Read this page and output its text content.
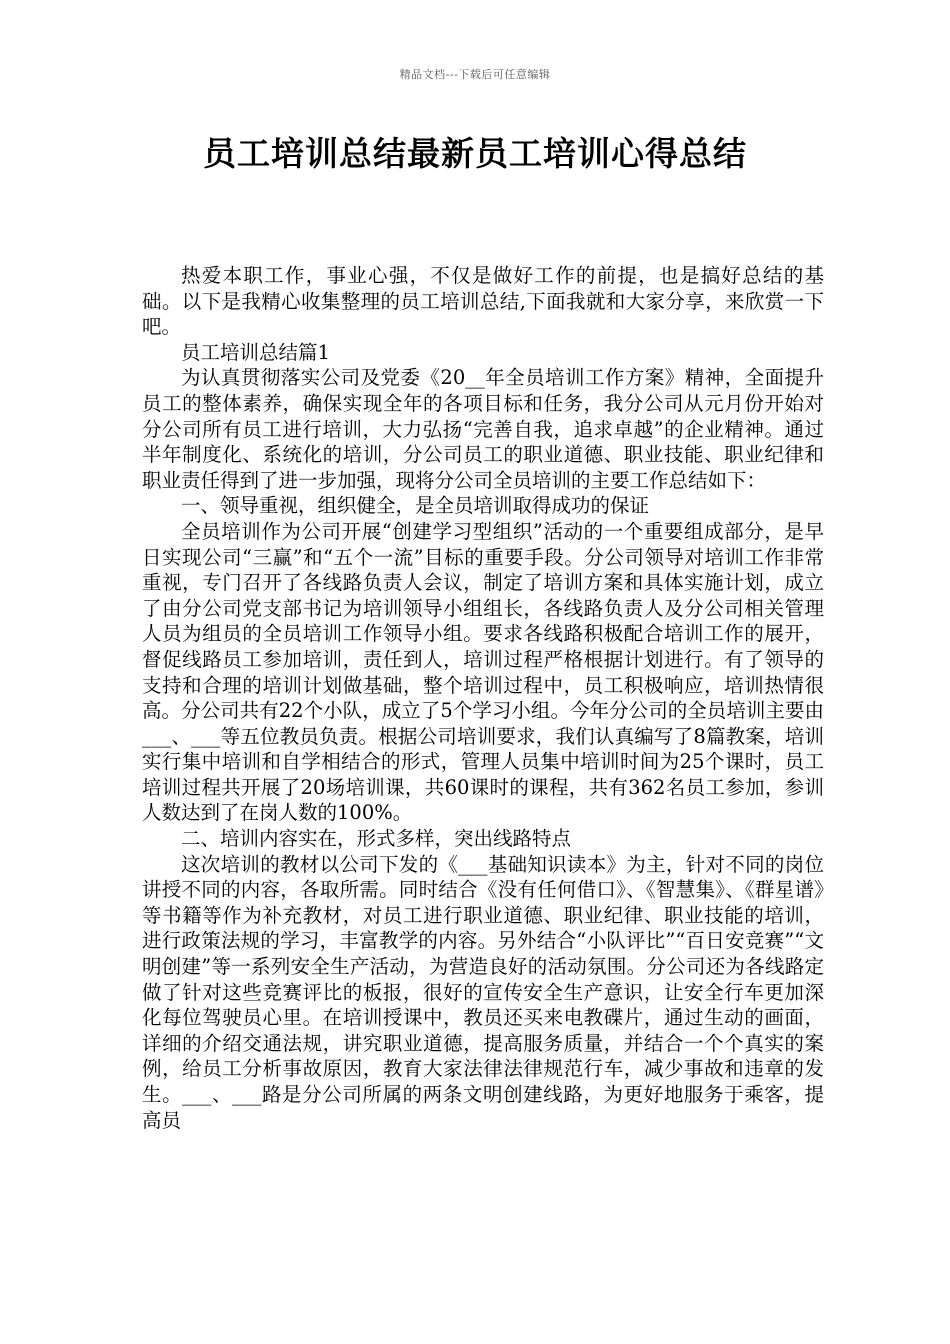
精品文档---下载后可任意编辑
员工培训总结最新员工培训心得总结

热爱本职工作，事业心强，不仅是做好工作的前提，也是搞好总结的基础。以下是我精心收集整理的员工培训总结,下面我就和大家分享，来欣赏一下吧。

员工培训总结篇1

为认真贯彻落实公司及党委《20__年全员培训工作方案》精神，全面提升员工的整体素养，确保实现全年的各项目标和任务，我分公司从元月份开始对分公司所有员工进行培训，大力弘扬“完善自我，追求卓越”的企业精神。通过半年制度化、系统化的培训，分公司员工的职业道德、职业技能、职业纪律和职业责任得到了进一步加强，现将分公司全员培训的主要工作总结如下：

一、领导重视，组织健全，是全员培训取得成功的保证

全员培训作为公司开展“创建学习型组织”活动的一个重要组成部分，是早日实现公司“三赢”和“五个一流”目标的重要手段。分公司领导对培训工作非常重视，专门召开了各线路负责人会议，制定了培训方案和具体实施计划，成立了由分公司党支部书记为培训领导小组组长，各线路负责人及分公司相关管理人员为组员的全员培训工作领导小组。要求各线路积极配合培训工作的展开，督促线路员工参加培训，责任到人，培训过程严格根据计划进行。有了领导的支持和合理的培训计划做基础，整个培训过程中，员工积极响应，培训热情很高。分公司共有22个小队，成立了5个学习小组。今年分公司的全员培训主要由___、___等五位教员负责。根据公司培训要求，我们认真编写了8篇教案，培训实行集中培训和自学相结合的形式，管理人员集中培训时间为25个课时，员工培训过程共开展了20场培训课，共60课时的课程，共有362名员工参加，参训人数达到了在岗人数的100%。

二、培训内容实在，形式多样，突出线路特点

这次培训的教材以公司下发的《___基础知识读本》为主，针对不同的岗位讲授不同的内容，各取所需。同时结合《没有任何借口》、《智慧集》、《群星谱》等书籍等作为补充教材，对员工进行职业道德、职业纪律、职业技能的培训，进行政策法规的学习，丰富教学的内容。另外结合“小队评比”“百日安竞赛”“文明创建”等一系列安全生产活动，为营造良好的活动氛围。分公司还为各线路定做了针对这些竞赛评比的板报，很好的宣传安全生产意识，让安全行车更加深化每位驾驶员心里。在培训授课中，教员还买来电教碟片，通过生动的画面，详细的介绍交通法规，讲究职业道德，提高服务质量，并结合一个个真实的案例，给员工分析事故原因，教育大家法律法律规范行车，减少事故和违章的发生。___、___路是分公司所属的两条文明创建线路，为更好地服务于乘客，提高员
